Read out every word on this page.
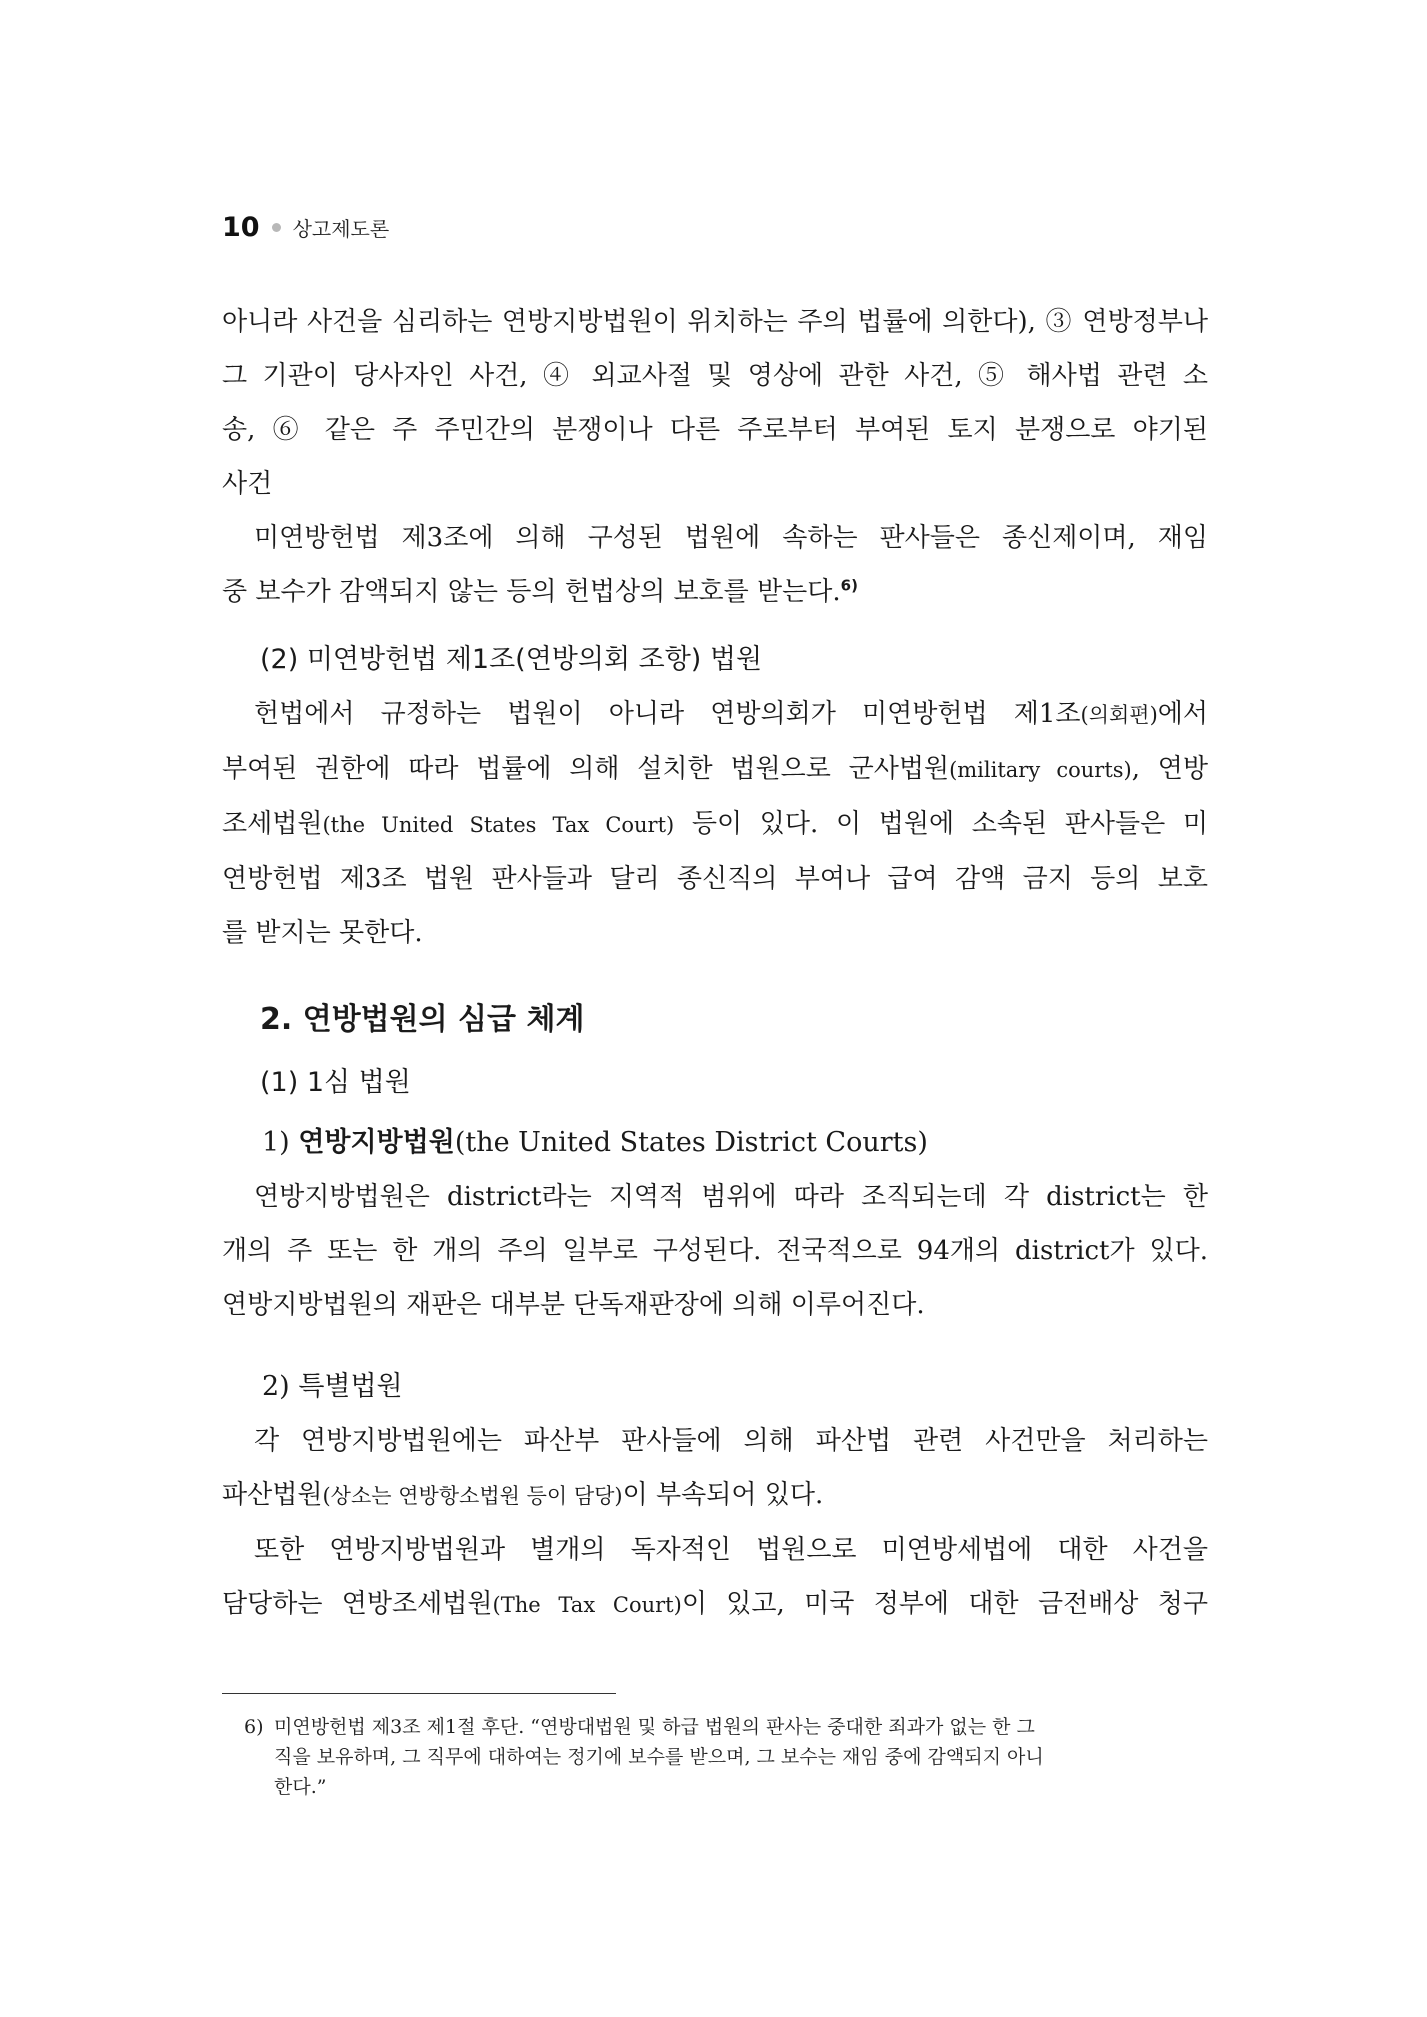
10 상고제도론

아니라 사건을 심리하는 연방지방법원이 위치하는 주의 법률에 의한다), ③ 연방정부나

그 기관이 당사자인 사건, ④ 외교사절 및 영상에 관한 사건, ⑤ 해사법 관련 소

송, ⑥ 같은 주 주민간의 분쟁이나 다른 주로부터 부여된 토지 분쟁으로 야기된

사건

미연방헌법 제3조에 의해 구성된 법원에 속하는 판사들은 종신제이며, 재임

중 보수가 감액되지 않는 등의 헌법상의 보호를 받는다.$^{6)}$

(2) 미연방헌법 제1조(연방의회 조항) 법원

헌법에서 규정하는 법원이 아니라 연방의회가 미연방헌법 제1조(의회편)에서

부여된 권한에 따라 법률에 의해 설치한 법원으로 군사법원(military courts), 연방

조세법원(the United States Tax Court) 등이 있다. 이 법원에 소속된 판사들은 미

연방헌법 제3조 법원 판사들과 달리 종신직의 부여나 급여 감액 금지 등의 보호

를 받지는 못한다.

2. 연방법원의 심급 체계

(1) 1심 법원

1) 연방지방법원(the United States District Courts)

연방지방법원은 district라는 지역적 범위에 따라 조직되는데 각 district는 한

개의 주 또는 한 개의 주의 일부로 구성된다. 전국적으로 94개의 district가 있다.

연방지방법원의 재판은 대부분 단독재판장에 의해 이루어진다.

2) 특별법원

각 연방지방법원에는 파산부 판사들에 의해 파산법 관련 사건만을 처리하는

파산법원(상소는 연방항소법원 등이 담당)이 부속되어 있다.

또한 연방지방법원과 별개의 독자적인 법원으로 미연방세법에 대한 사건을

담당하는 연방조세법원(The Tax Court)이 있고, 미국 정부에 대한 금전배상 청구

6) 미연방헌법 제3조 제1절 후단. “연방대법원 및 하급 법원의 판사는 중대한 죄과가 없는 한 그
직을 보유하며, 그 직무에 대하여는 정기에 보수를 받으며, 그 보수는 재임 중에 감액되지 아니
한다.”
